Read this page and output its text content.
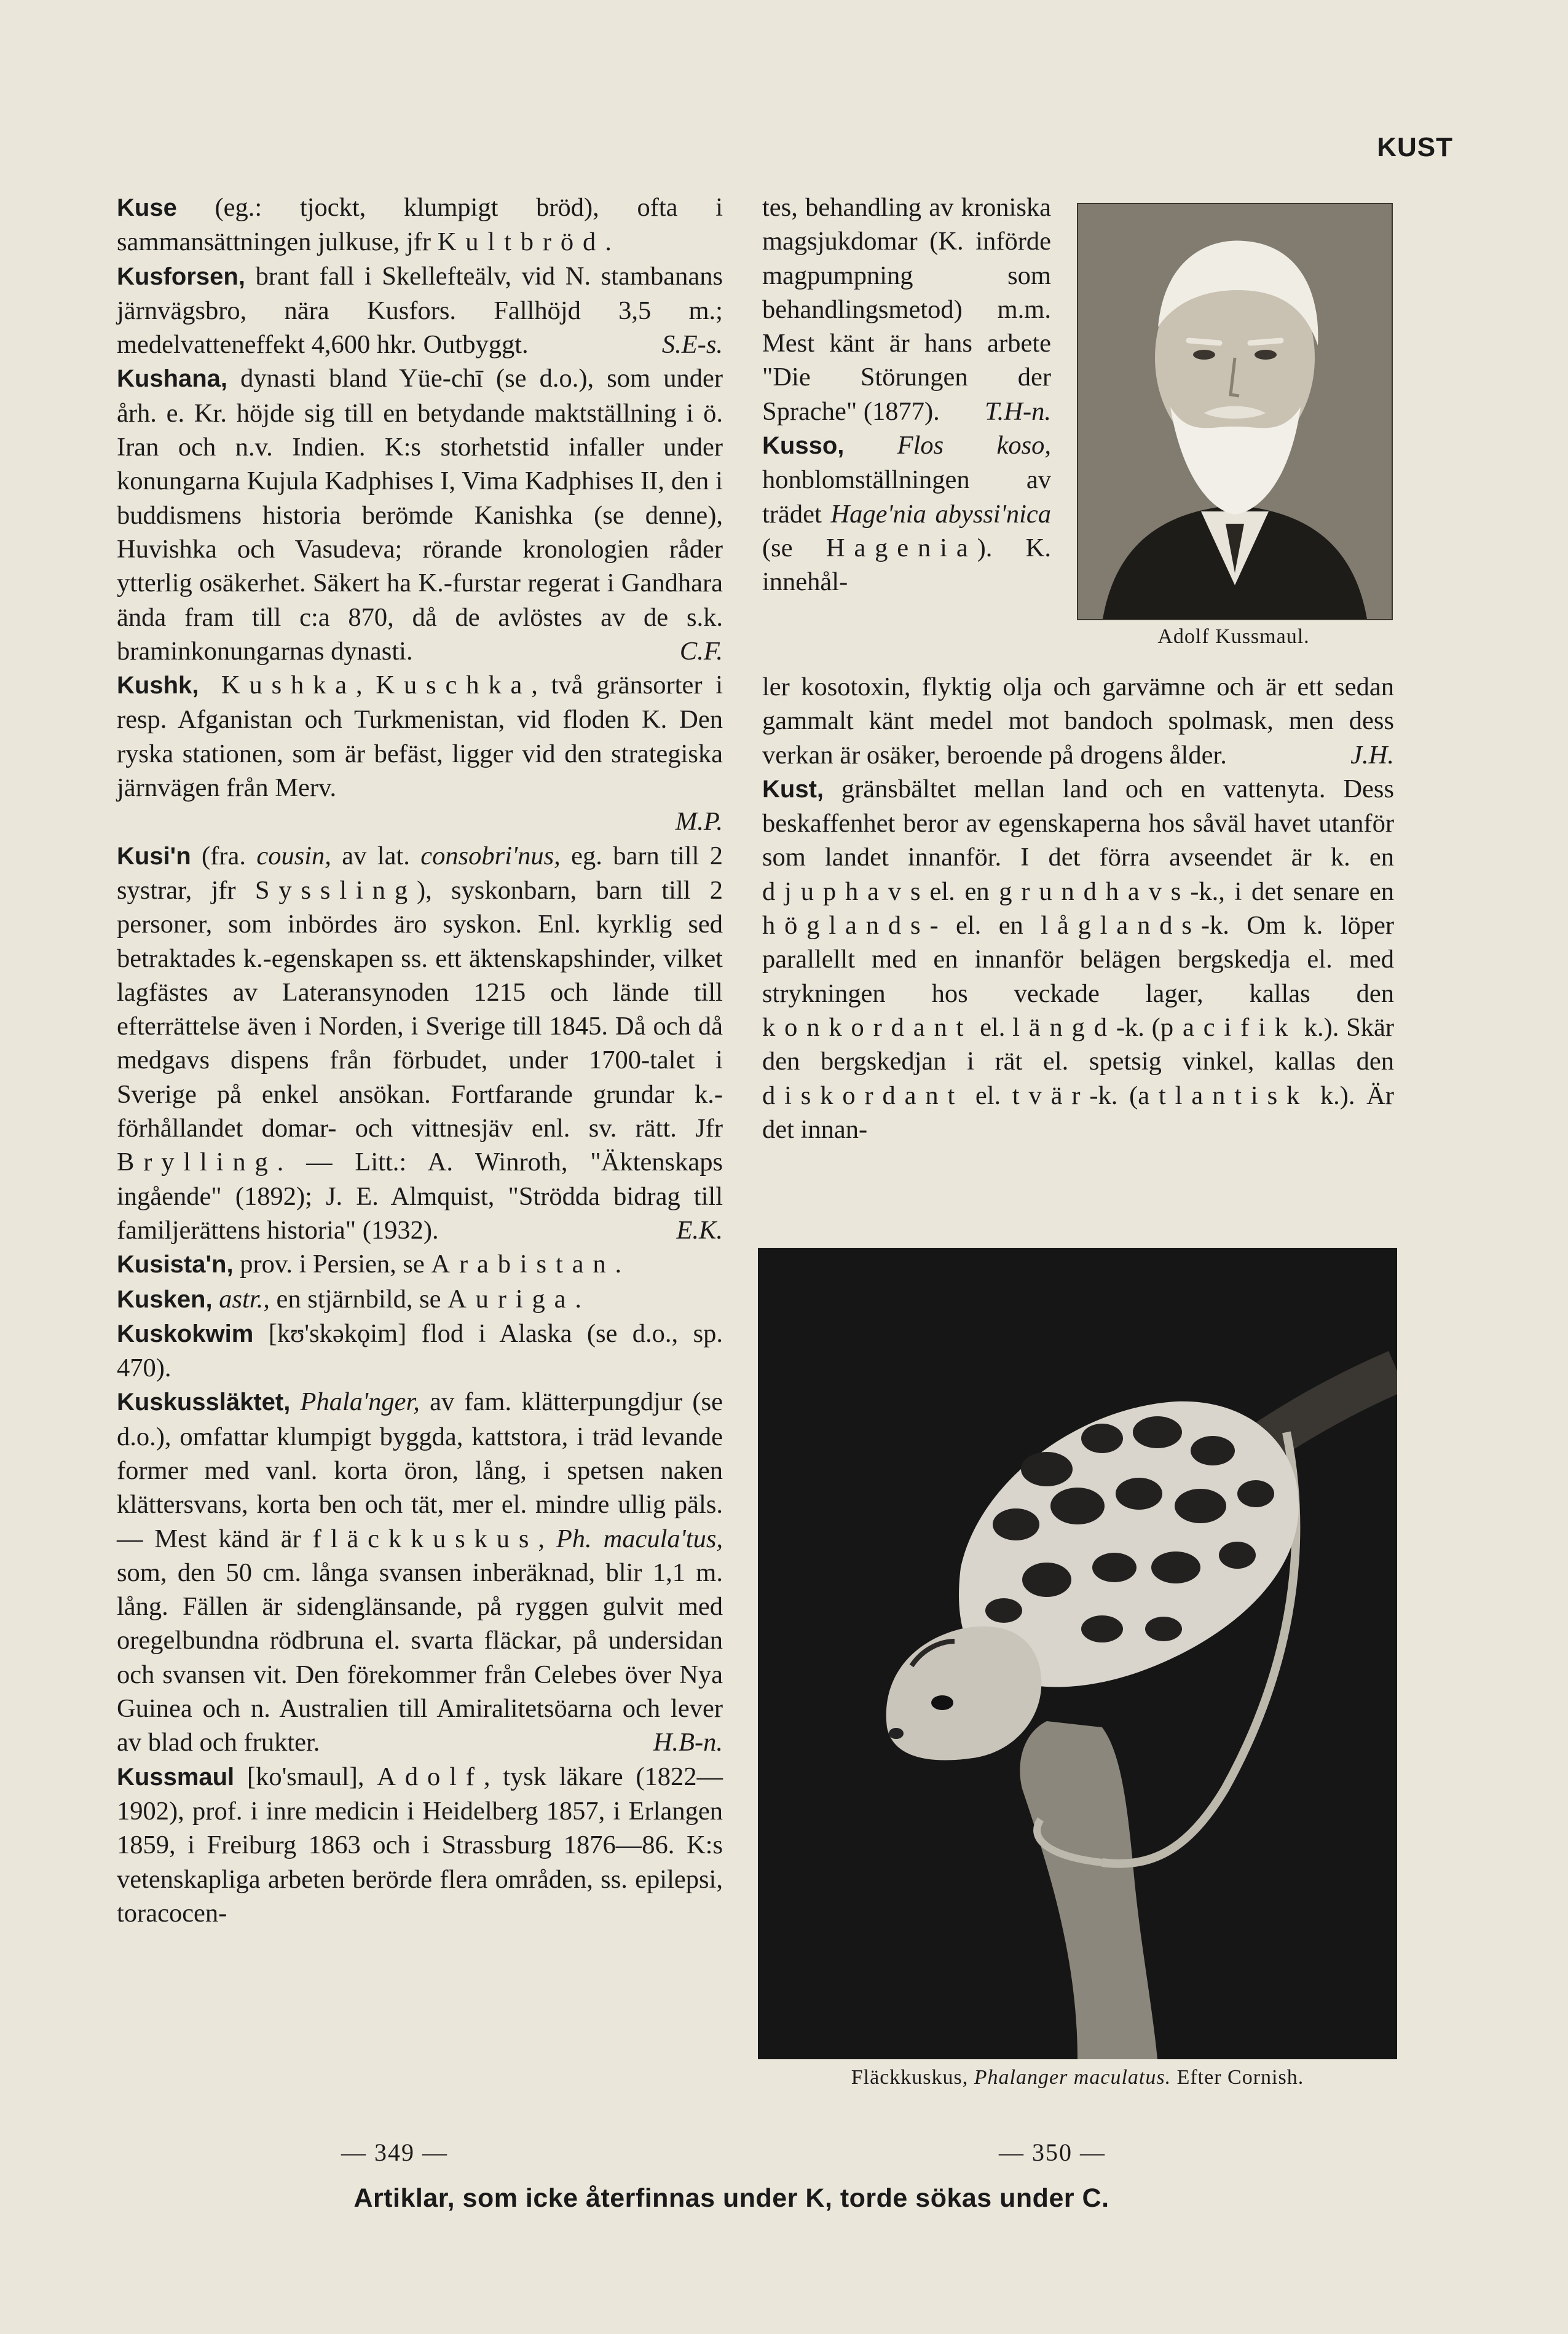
KUST

Kuse (eg.: tjockt, klumpigt bröd), ofta i sammansättningen julkuse, jfr Kultbröd.

Kusforsen, brant fall i Skellefteälv, vid N. stambanans järnvägsbro, nära Kusfors. Fallhöjd 3,5 m.; medelvatteneffekt 4,600 hkr. Outbyggt.	S.E-s.

Kushana, dynasti bland Yüe-chī (se d.o.), som under årh. e. Kr. höjde sig till en betydande maktställning i ö. Iran och n.v. Indien. K:s storhetstid infaller under konungarna Kujula Kadphises I, Vima Kadphises II, den i buddismens historia berömde Kanishka (se denne), Huvishka och Vasudeva; rörande kronologien råder ytterlig osäkerhet. Säkert ha K.-furstar regerat i Gandhara ända fram till c:a 870, då de avlöstes av de s.k. braminkonungarnas dynasti.	C.F.

Kushk, Kushka, Kuschka, två gränsorter i resp. Afganistan och Turkmenistan, vid floden K. Den ryska stationen, som är befäst, ligger vid den strategiska järnvägen från Merv.
M.P.

Kusi'n (fra. cousin, av lat. consobri'nus, eg. barn till 2 systrar, jfr Syssling), syskonbarn, barn till 2 personer, som inbördes äro syskon. Enl. kyrklig sed betraktades k.-egenskapen ss. ett äktenskapshinder, vilket lagfästes av Lateransynoden 1215 och lände till efterrättelse även i Norden, i Sverige till 1845. Då och då medgavs dispens från förbudet, under 1700-talet i Sverige på enkel ansökan. Fortfarande grundar k.-förhållandet domar- och vittnesjäv enl. sv. rätt. Jfr Brylling. — Litt.: A. Winroth, "Äktenskaps ingående" (1892); J. E. Almquist, "Strödda bidrag till familjerättens historia" (1932).	E.K.

Kusista'n, prov. i Persien, se Arabistan.

Kusken, astr., en stjärnbild, se Auriga.

Kuskokwim [kʊ'skəkǫim] flod i Alaska (se d.o., sp. 470).

Kuskussläktet, Phala'nger, av fam. klätterpungdjur (se d.o.), omfattar klumpigt byggda, kattstora, i träd levande former med vanl. korta öron, lång, i spetsen naken klättersvans, korta ben och tät, mer el. mindre ullig päls. — Mest känd är fläckkuskus, Ph. macula'tus, som, den 50 cm. långa svansen inberäknad, blir 1,1 m. lång. Fällen är sidenglänsande, på ryggen gulvit med oregelbundna rödbruna el. svarta fläckar, på undersidan och svansen vit. Den förekommer från Celebes över Nya Guinea och n. Australien till Amiralitetsöarna och lever av blad och frukter.	H.B-n.

Kussmaul [ko'smaul], Adolf, tysk läkare (1822—1902), prof. i inre medicin i Heidelberg 1857, i Erlangen 1859, i Freiburg 1863 och i Strassburg 1876—86. K:s vetenskapliga arbeten berörde flera områden, ss. epilepsi, toracocen-

tes, behandling av kroniska magsjukdomar (K. införde magpumpning som behandlingsmetod) m.m. Mest känt är hans arbete "Die Störungen der Sprache" (1877). T.H-n.

Kusso, Flos koso, honblomställningen av trädet Hage'nia abyssi'nica (se Hagenia). K. innehål-

Adolf Kussmaul.

ler kosotoxin, flyktig olja och garvämne och är ett sedan gammalt känt medel mot bandoch spolmask, men dess verkan är osäker, beroende på drogens ålder.	J.H.

Kust, gränsbältet mellan land och en vattenyta. Dess beskaffenhet beror av egenskaperna hos såväl havet utanför som landet innanför. I det förra avseendet är k. en djuphavsel. en grundhavs-k., i det senare en höglands- el. en låglands-k. Om k. löper parallellt med en innanför belägen bergskedja el. med strykningen hos veckade lager, kallas den konkordant el. längd-k. (pacifik k.). Skär den bergskedjan i rät el. spetsig vinkel, kallas den diskordant el. tvär-k. (atlantisk k.). Är det innan-

Fläckkuskus, Phalanger maculatus. Efter Cornish.
— 349 —	— 350 —
Artiklar, som icke återfinnas under K, torde sökas under C.
